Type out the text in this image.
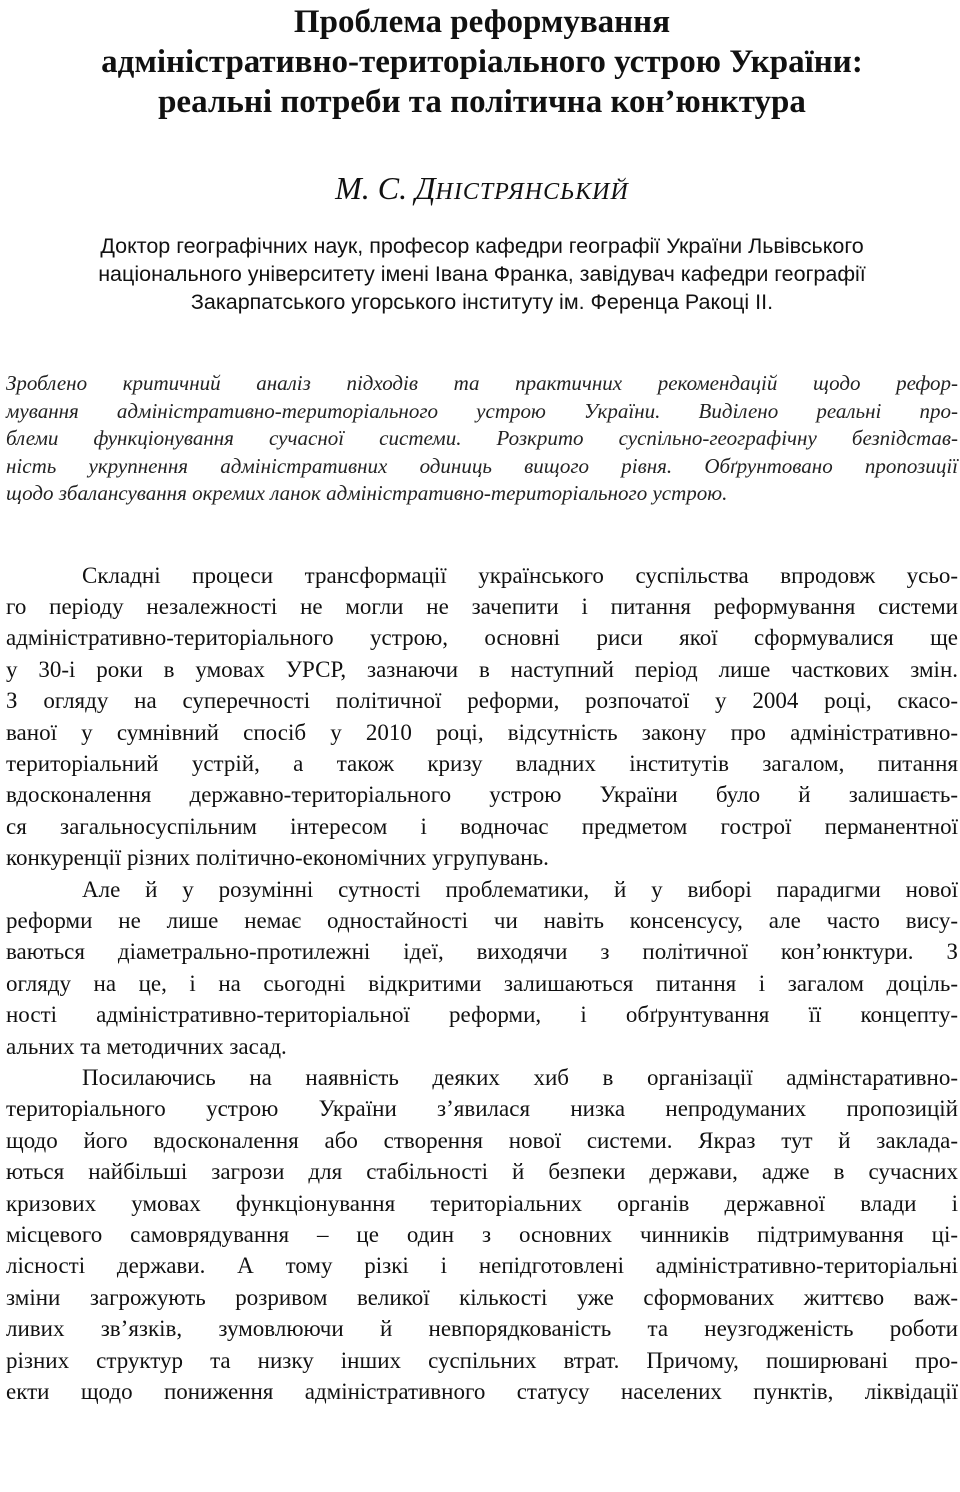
Проблема реформування
адміністративно-територіального устрою України:
реальні потреби та політична кон’юнктура
М. С. ДНІСТРЯНСЬКИЙ
Доктор географічних наук, професор кафедри географії України Львівського
національного університету імені Івана Франка, завідувач кафедри географії
Закарпатського угорського інституту ім. Ференца Ракоці ІІ.
Зроблено критичний аналіз підходів та практичних рекомендацій щодо рефор-
мування адміністративно-територіального устрою України. Виділено реальні про-
блеми функціонування сучасної системи. Розкрито суспільно-географічну безпідстав-
ність укрупнення адміністративних одиниць вищого рівня. Обґрунтовано пропозиції
щодо збалансування окремих ланок адміністративно-територіального устрою.
Складні процеси трансформації українського суспільства впродовж усьо-
го періоду незалежності не могли не зачепити і питання реформування системи
адміністративно-територіального устрою, основні риси якої сформувалися ще
у 30-і роки в умовах УРСР, зазнаючи в наступний період лише часткових змін.
З огляду на суперечності політичної реформи, розпочатої у 2004 році, скасо-
ваної у сумнівний спосіб у 2010 році, відсутність закону про адміністративно-
територіальний устрій, а також кризу владних інститутів загалом, питання
вдосконалення державно-територіального устрою України було й залишаєть-
ся загальносуспільним інтересом і водночас предметом гострої перманентної
конкуренції різних політично-економічних угрупувань.
Але й у розумінні сутності проблематики, й у виборі парадигми нової
реформи не лише немає одностайності чи навіть консенсусу, але часто вису-
ваються діаметрально-протилежні ідеї, виходячи з політичної кон’юнктури. З
огляду на це, і на сьогодні відкритими залишаються питання і загалом доціль-
ності адміністративно-територіальної реформи, і обґрунтування її концепту-
альних та методичних засад.
Посилаючись на наявність деяких хиб в організації адмінстаративно-
територіального устрою України з’явилася низка непродуманих пропозицій
щодо його вдосконалення або створення нової системи. Якраз тут й заклада-
ються найбільші загрози для стабільності й безпеки держави, адже в сучасних
кризових умовах функціонування територіальних органів державної влади і
місцевого самоврядування – це один з основних чинників підтримування ці-
лісності держави. А тому різкі і непідготовлені адміністративно-територіальні
зміни загрожують розривом великої кількості уже сформованих життєво важ-
ливих зв’язків, зумовлюючи й невпорядкованість та неузгодженість роботи
різних структур та низку інших суспільних втрат. Причому, поширювані про-
екти щодо пониження адміністративного статусу населених пунктів, ліквідації
